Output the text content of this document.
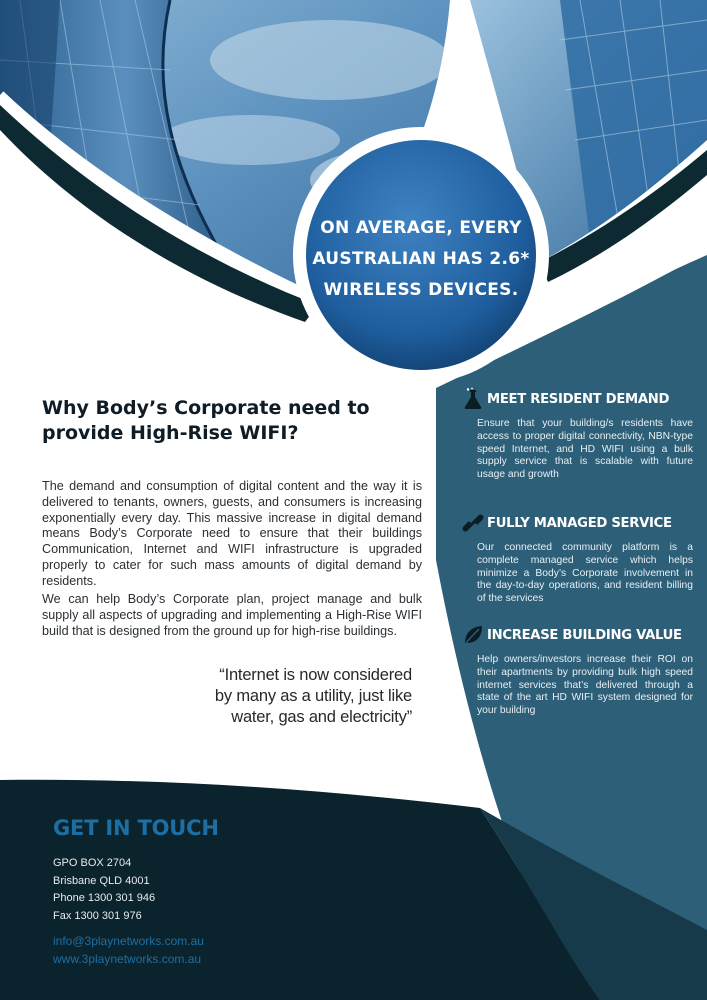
ON AVERAGE, EVERY
AUSTRALIAN HAS 2.6*
WIRELESS DEVICES.
Why Body’s Corporate need to
provide High-Rise WIFI?

The demand and consumption of digital content and the way it is delivered to tenants, owners, guests, and consumers is increasing exponentially every day. This massive increase in digital demand means Body’s Corporate need to ensure that their buildings Communication, Internet and WIFI infrastructure is upgraded properly to cater for such mass amounts of digital demand by residents.

We can help Body’s Corporate plan, project manage and bulk supply all aspects of upgrading and implementing a High-Rise WIFI build that is designed from the ground up for high-rise buildings.

“Internet is now considered
by many as a utility, just like
water, gas and electricity”
MEET RESIDENT DEMAND
Ensure that your building/s residents have access to proper digital connectivity, NBN-type speed Internet, and HD WIFI using a bulk supply service that is scalable with future usage and growth
FULLY MANAGED SERVICE
Our connected community platform is a complete managed service which helps minimize a Body’s Corporate involvement in the day-to-day operations, and resident billing of the services
INCREASE BUILDING VALUE
Help owners/investors increase their ROI on their apartments by providing bulk high speed internet services that’s delivered through a state of the art HD WIFI system designed for your building
GET IN TOUCH
GPO BOX 2704
Brisbane QLD 4001
Phone 1300 301 946
Fax 1300 301 976
info@3playnetworks.com.au
www.3playnetworks.com.au
